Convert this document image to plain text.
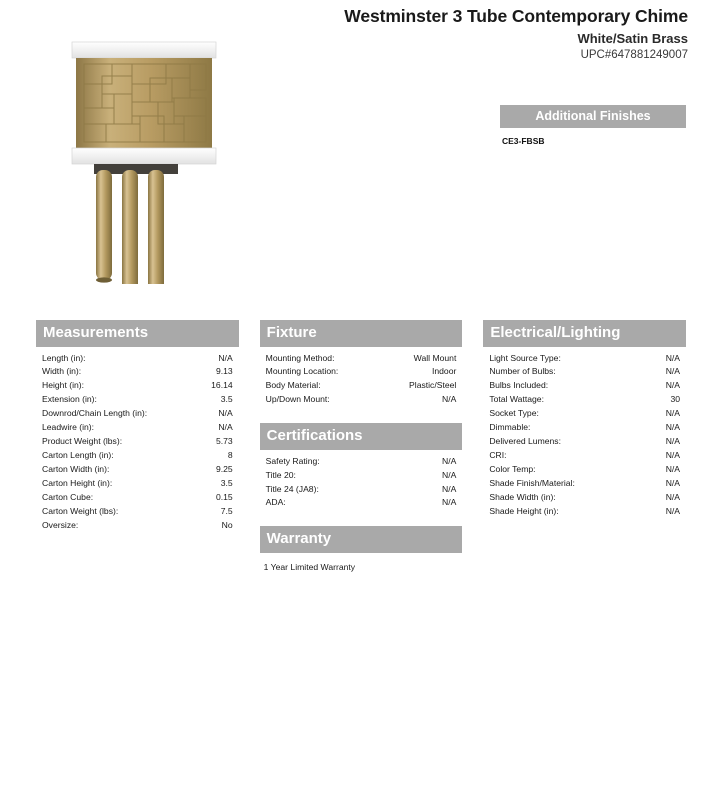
Westminster 3 Tube Contemporary Chime
White/Satin Brass
UPC#647881249007
Additional Finishes
CE3-FBSB
Measurements
Length (in):	N/A
Width (in):	9.13
Height (in):	16.14
Extension (in):	3.5
Downrod/Chain Length (in):	N/A
Leadwire (in):	N/A
Product Weight (lbs):	5.73
Carton Length (in):	8
Carton Width (in):	9.25
Carton Height (in):	3.5
Carton Cube:	0.15
Carton Weight (lbs):	7.5
Oversize:	No
Fixture
Mounting Method:	Wall Mount
Mounting Location:	Indoor
Body Material:	Plastic/Steel
Up/Down Mount:	N/A
Certifications
Safety Rating:	N/A
Title 20:	N/A
Title 24 (JA8):	N/A
ADA:	N/A
Warranty
1 Year Limited Warranty
Electrical/Lighting
Light Source Type:	N/A
Number of Bulbs:	N/A
Bulbs Included:	N/A
Total Wattage:	30
Socket Type:	N/A
Dimmable:	N/A
Delivered Lumens:	N/A
CRI:	N/A
Color Temp:	N/A
Shade Finish/Material:	N/A
Shade Width (in):	N/A
Shade Height (in):	N/A
